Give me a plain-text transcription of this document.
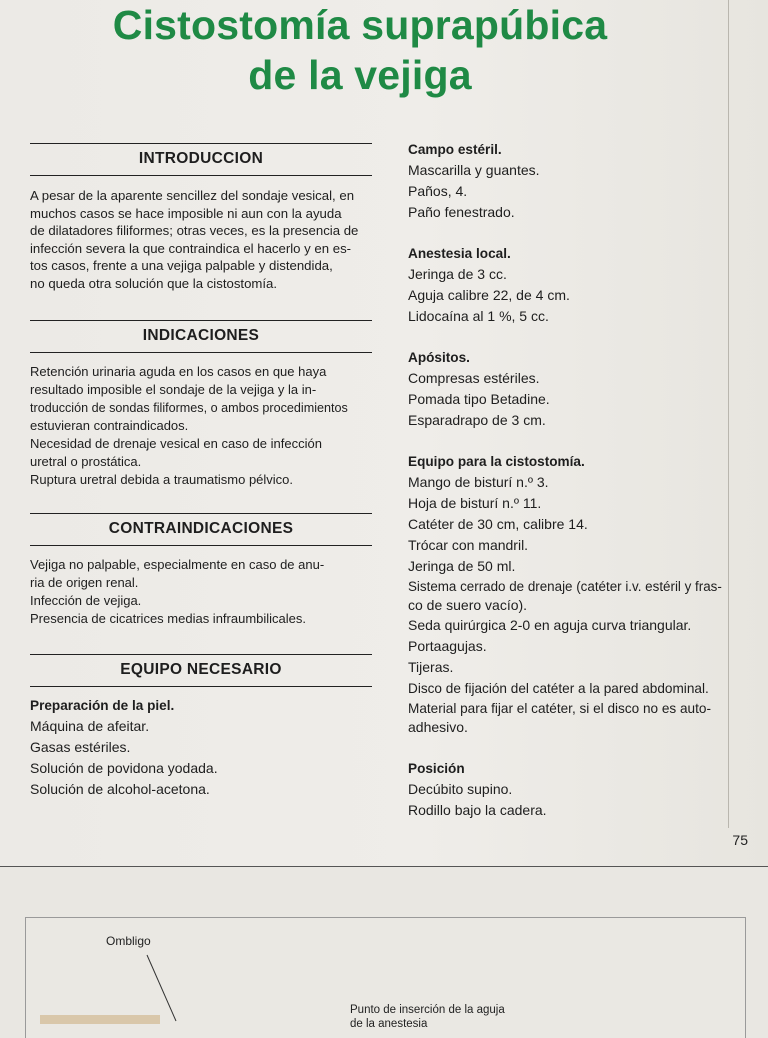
Cistostomía suprapúbica
de la vejiga
INTRODUCCION

A pesar de la aparente sencillez del sondaje vesical, en

muchos casos se hace imposible ni aun con la ayuda

de dilatadores filiformes; otras veces, es la presencia de

infección severa la que contraindica el hacerlo y en es-

tos casos, frente a una vejiga palpable y distendida,

no queda otra solución que la cistostomía.

INDICACIONES

Retención urinaria aguda en los casos en que haya

resultado imposible el sondaje de la vejiga y la in-

troducción de sondas filiformes, o ambos procedimientos

estuvieran contraindicados.

Necesidad de drenaje vesical en caso de infección

uretral o prostática.

Ruptura uretral debida a traumatismo pélvico.

CONTRAINDICACIONES

Vejiga no palpable, especialmente en caso de anu-

ria de origen renal.

Infección de vejiga.

Presencia de cicatrices medias infraumbilicales.

EQUIPO NECESARIO

Preparación de la piel.

Máquina de afeitar.

Gasas estériles.

Solución de povidona yodada.

Solución de alcohol-acetona.

Campo estéril.

Mascarilla y guantes.

Paños, 4.

Paño fenestrado.

Anestesia local.

Jeringa de 3 cc.

Aguja calibre 22, de 4 cm.

Lidocaína al 1 %, 5 cc.

Apósitos.

Compresas estériles.

Pomada tipo Betadine.

Esparadrapo de 3 cm.

Equipo para la cistostomía.

Mango de bisturí n.º 3.

Hoja de bisturí n.º 11.

Catéter de 30 cm, calibre 14.

Trócar con mandril.

Jeringa de 50 ml.

Sistema cerrado de drenaje (catéter i.v. estéril y fras-

co de suero vacío).

Seda quirúrgica 2-0 en aguja curva triangular.

Portaagujas.

Tijeras.

Disco de fijación del catéter a la pared abdominal.

Material para fijar el catéter, si el disco no es auto-

adhesivo.

Posición

Decúbito supino.

Rodillo bajo la cadera.

75
Ombligo
Punto de inserción de la aguja
de la anestesia
